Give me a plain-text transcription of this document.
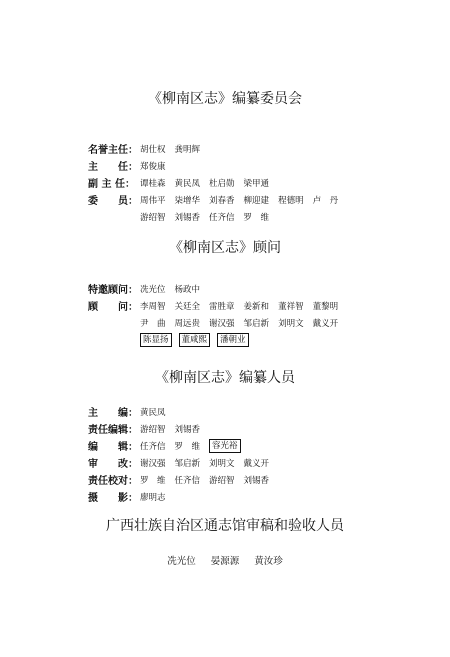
《柳南区志》编纂委员会
名誉主任： 胡仕权 龚明辉
主　　任： 郑俊康
副 主 任： 谭桂森 黄民凤 杜启勋 梁甲通
委　　员： 周伟平 柒增华 刘春香 柳迎建 程德明 卢　丹
游绍智 刘锡香 任齐信 罗　维
《柳南区志》顾问
特邀顾问： 冼光位 杨政中
顾　　问： 李周智 关廷全 雷胜章 姜新和 董祥智 董黎明
尹　曲 周远贵 谢汉强 邹启新 刘明文 戴义开
陈显扬	董咸熙	潘朝业
《柳南区志》编纂人员
主　　编： 黄民凤
责任编辑： 游绍智 刘锡香
编　　辑： 任齐信 罗　维	容光裕
审　　改： 谢汉强 邹启新 刘明文 戴义开
责任校对： 罗　维 任齐信 游绍智 刘锡香
摄　　影： 廖明志
广西壮族自治区通志馆审稿和验收人员
冼光位 晏源源 黄汝珍
